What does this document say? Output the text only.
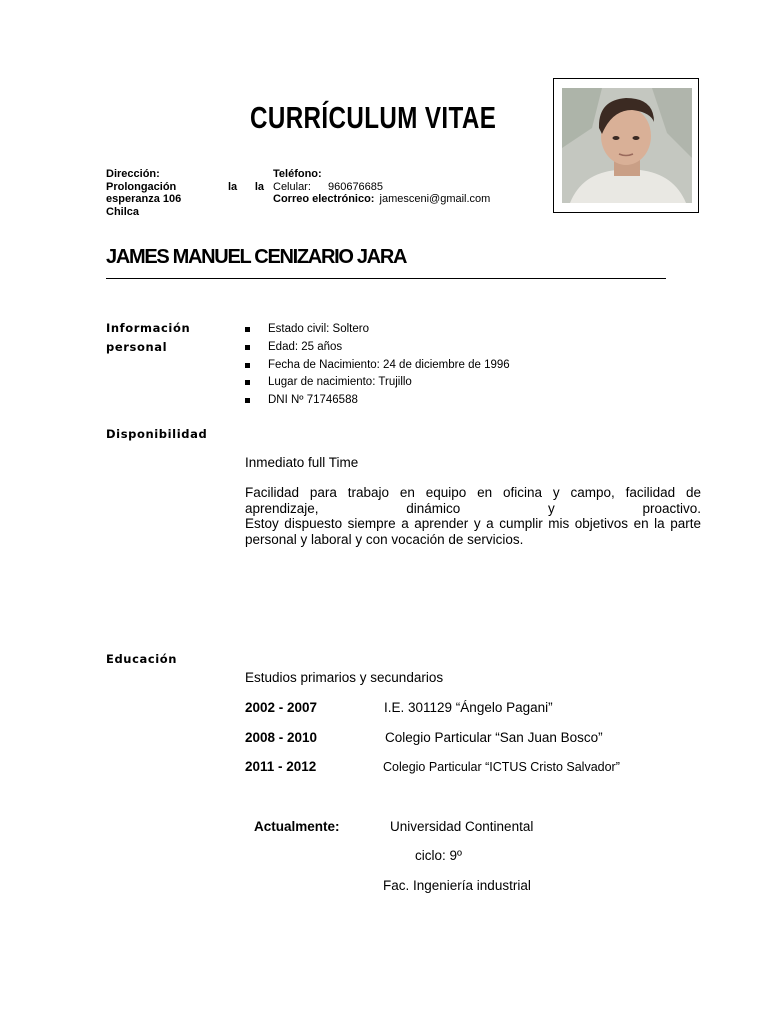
CURRÍCULUM VITAE
Dirección:
Prolongación	la la
esperanza 106
Chilca
Teléfono:
Celular: 960676685
Correo electrónico: jamesceni@gmail.com
JAMES MANUEL CENIZARIO JARA
Información
personal
Estado civil: Soltero
Edad: 25 años
Fecha de Nacimiento: 24 de diciembre de 1996
Lugar de nacimiento: Trujillo
DNI Nº 71746588
Disponibilidad
Inmediato full Time
Facilidad para trabajo en equipo en oficina y campo, facilidad de
aprendizaje,	dinámico	y	proactivo.
Estoy dispuesto siempre a aprender y a cumplir mis objetivos en la parte
personal y laboral y con vocación de servicios.
Educación
Estudios primarios y secundarios
2002 - 2007	I.E. 301129 “Ángelo Pagani”
2008 - 2010	Colegio Particular “San Juan Bosco”
2011 - 2012	Colegio Particular “ICTUS Cristo Salvador”
Actualmente:	Universidad Continental
ciclo: 9º
Fac. Ingeniería industrial
